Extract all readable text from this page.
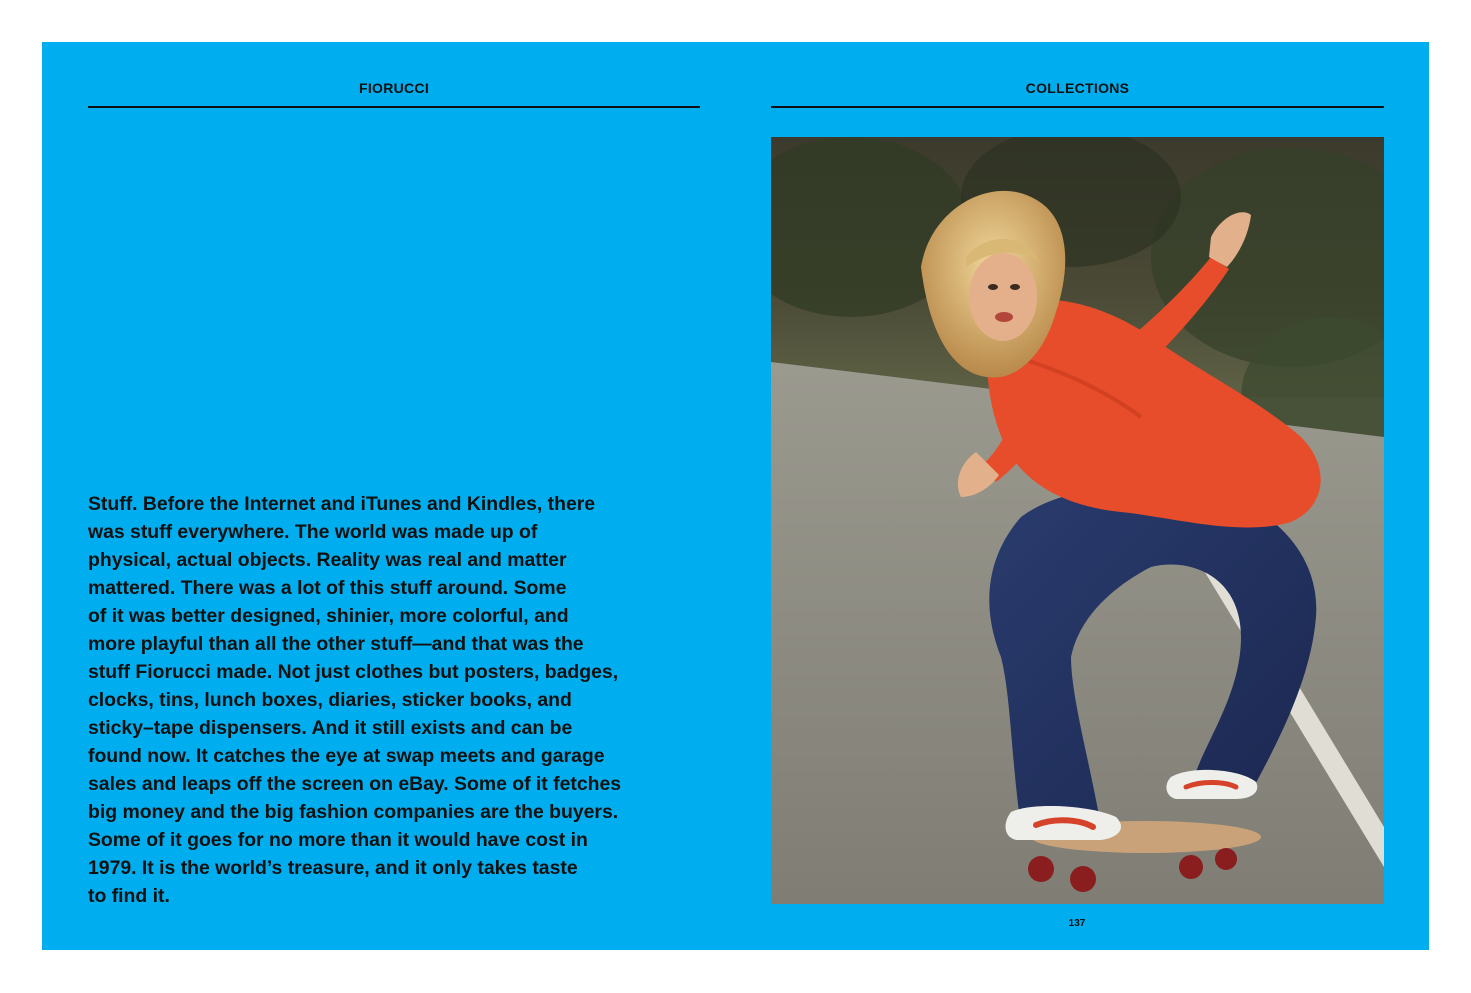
FIORUCCI

Stuff. Before the Internet and iTunes and Kindles, there
was stuff everywhere. The world was made up of
physical, actual objects. Reality was real and matter
mattered. There was a lot of this stuff around. Some
of it was better designed, shinier, more colorful, and
more playful than all the other stuff—and that was the
stuff Fiorucci made. Not just clothes but posters, badges,
clocks, tins, lunch boxes, diaries, sticker books, and
sticky–tape dispensers. And it still exists and can be
found now. It catches the eye at swap meets and garage
sales and leaps off the screen on eBay. Some of it fetches
big money and the big fashion companies are the buyers.
Some of it goes for no more than it would have cost in
1979. It is the world’s treasure, and it only takes taste
to find it.

COLLECTIONS
137
